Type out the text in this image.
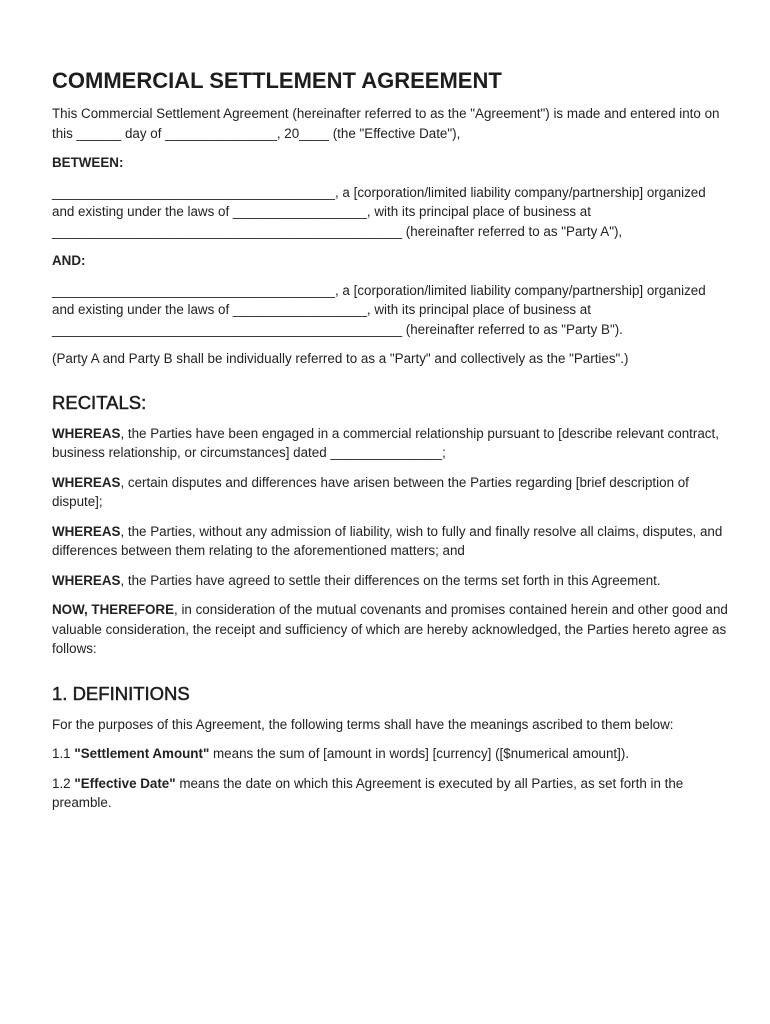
COMMERCIAL SETTLEMENT AGREEMENT

This Commercial Settlement Agreement (hereinafter referred to as the "Agreement") is made and entered into on this ______ day of _______________, 20____ (the "Effective Date"),

BETWEEN:

______________________________________, a [corporation/limited liability company/partnership] organized and existing under the laws of __________________, with its principal place of business at _______________________________________________ (hereinafter referred to as "Party A"),

AND:

______________________________________, a [corporation/limited liability company/partnership] organized and existing under the laws of __________________, with its principal place of business at _______________________________________________ (hereinafter referred to as "Party B").

(Party A and Party B shall be individually referred to as a "Party" and collectively as the "Parties".)

RECITALS:

WHEREAS, the Parties have been engaged in a commercial relationship pursuant to [describe relevant contract, business relationship, or circumstances] dated _______________;

WHEREAS, certain disputes and differences have arisen between the Parties regarding [brief description of dispute];

WHEREAS, the Parties, without any admission of liability, wish to fully and finally resolve all claims, disputes, and differences between them relating to the aforementioned matters; and

WHEREAS, the Parties have agreed to settle their differences on the terms set forth in this Agreement.

NOW, THEREFORE, in consideration of the mutual covenants and promises contained herein and other good and valuable consideration, the receipt and sufficiency of which are hereby acknowledged, the Parties hereto agree as follows:

1. DEFINITIONS

For the purposes of this Agreement, the following terms shall have the meanings ascribed to them below:

1.1 "Settlement Amount" means the sum of [amount in words] [currency] ([$numerical amount]).

1.2 "Effective Date" means the date on which this Agreement is executed by all Parties, as set forth in the preamble.
